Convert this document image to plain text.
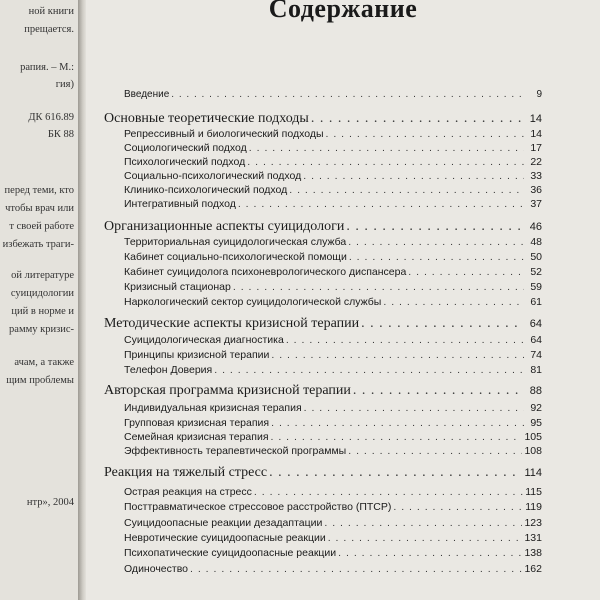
ной книги
прещается.
рапия. – М.:
гия)
ДК 616.89
БК 88
перед теми, кто
чтобы врач или
т своей работе
избежать траги-
ой литературе
суицидологии
ций в норме и
рамму кризис-
ачам, а также
щим проблемы
нтр», 2004
Содержание
Введение . . .	9
Основные теоретические подходы . . .	14
Репрессивный и биологический подходы . . .	14
Социологический подход . . .	17
Психологический подход . . .	22
Социально-психологический подход . . .	33
Клинико-психологический подход . . .	36
Интегративный подход . . .	37
Организационные аспекты суицидологи . . .	46
Территориальная суицидологическая служба . . .	48
Кабинет социально-психологической помощи . . .	50
Кабинет суицидолога психоневрологического диспансера . . .	52
Кризисный стационар . . .	59
Наркологический сектор суицидологической службы . . .	61
Методические аспекты кризисной терапии . . .	64
Суицидологическая диагностика . . .	64
Принципы кризисной терапии . . .	74
Телефон Доверия . . .	81
Авторская программа кризисной терапии . . .	88
Индивидуальная кризисная терапия . . .	92
Групповая кризисная терапия . . .	95
Семейная кризисная терапия . . .	105
Эффективность терапевтической программы . . .	108
Реакция на тяжелый стресс . . .	114
Острая реакция на стресс . . .	115
Посттравматическое стрессовое расстройство (ПТСР) . . .	119
Суицидоопасные реакции дезадаптации . . .	123
Невротические суицидоопасные реакции . . .	131
Психопатические суицидоопасные реакции . . .	138
Одиночество . . .	162
